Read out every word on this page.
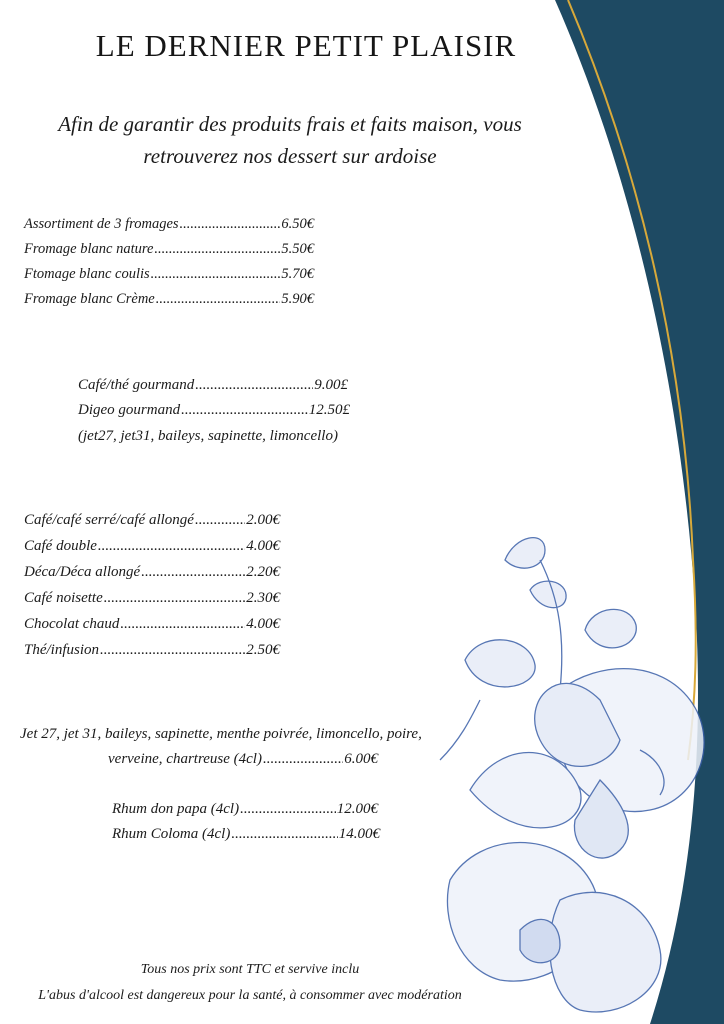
LE DERNIER PETIT PLAISIR
Afin de garantir des produits frais et faits maison, vous
retrouverez nos dessert sur ardoise
Assortiment de 3 fromages .....	6.50€
Fromage blanc nature .....	5.50€
Ftomage blanc coulis .....	5.70€
Fromage blanc Crème .....	5.90€
Café/thé gourmand .....	9.00£
Digeo gourmand .....	12.50£
(jet27, jet31, baileys, sapinette, limoncello)
Café/café serré/café allongé .....	2.00€
Café double .....	4.00€
Déca/Déca allongé .....	2.20€
Café noisette .....	2.30€
Chocolat chaud .....	4.00€
Thé/infusion .....	2.50€
Jet 27, jet 31, baileys, sapinette, menthe poivrée, limoncello, poire,
verveine, chartreuse (4cl) .....	6.00€
Rhum don papa (4cl) .....	12.00€
Rhum Coloma (4cl) .....	14.00€
Tous nos prix sont TTC et servive inclu
L'abus d'alcool est dangereux pour la santé, à consommer avec modération
